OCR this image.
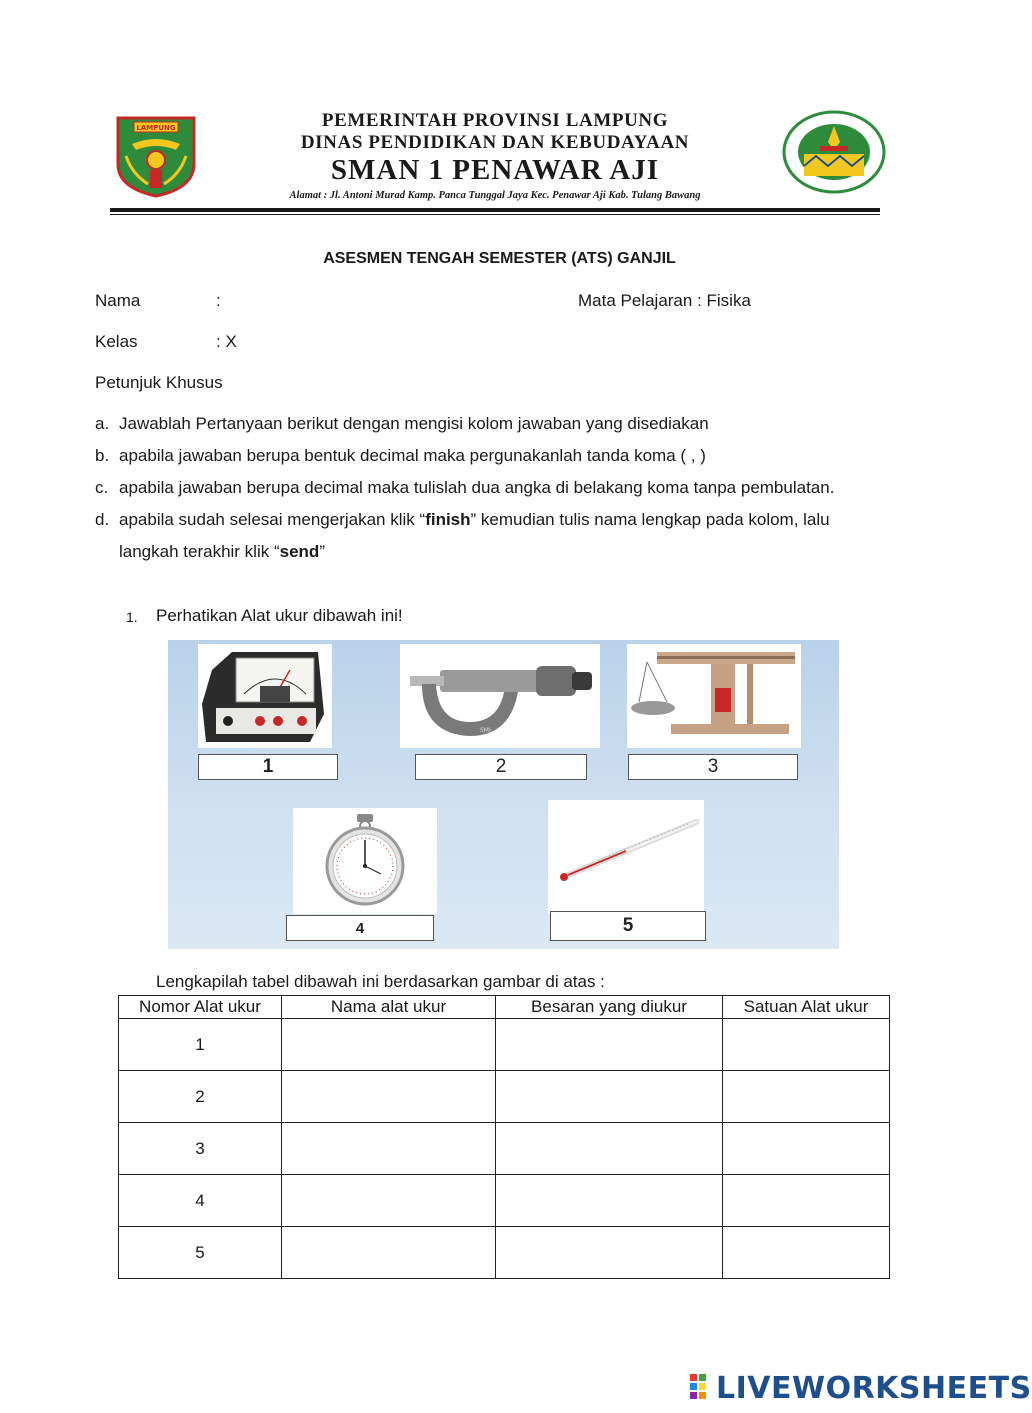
LAMPUNG	PEMERINTAH PROVINSI LAMPUNG
DINAS PENDIDIKAN DAN KEBUDAYAAN
SMAN 1 PENAWAR AJI
Alamat : Jl. Antoni Murad Kamp. Panca Tunggal Jaya Kec. Penawar Aji Kab. Tulang Bawang
ASESMEN TENGAH SEMESTER (ATS) GANJIL
Nama	:	Mata Pelajaran : Fisika
Kelas	: X
Petunjuk Khusus
a. Jawablah Pertanyaan berikut dengan mengisi kolom jawaban yang disediakan
b. apabila jawaban berupa bentuk decimal maka pergunakanlah tanda koma ( , )
c. apabila jawaban berupa decimal maka tulislah dua angka di belakang koma tanpa pembulatan.
d. apabila sudah selesai mengerjakan klik “finish” kemudian tulis nama lengkap pada kolom, lalu
langkah terakhir klik “send”
1. Perhatikan Alat ukur dibawah ini!
1
SMI
2	3
4	5
Lengkapilah tabel dibawah ini berdasarkan gambar di atas :
Nomor Alat ukur	Nama alat ukur	Besaran yang diukur	Satuan Alat ukur
1			
2			
3			
4			
5			
LIVEWORKSHEETS
